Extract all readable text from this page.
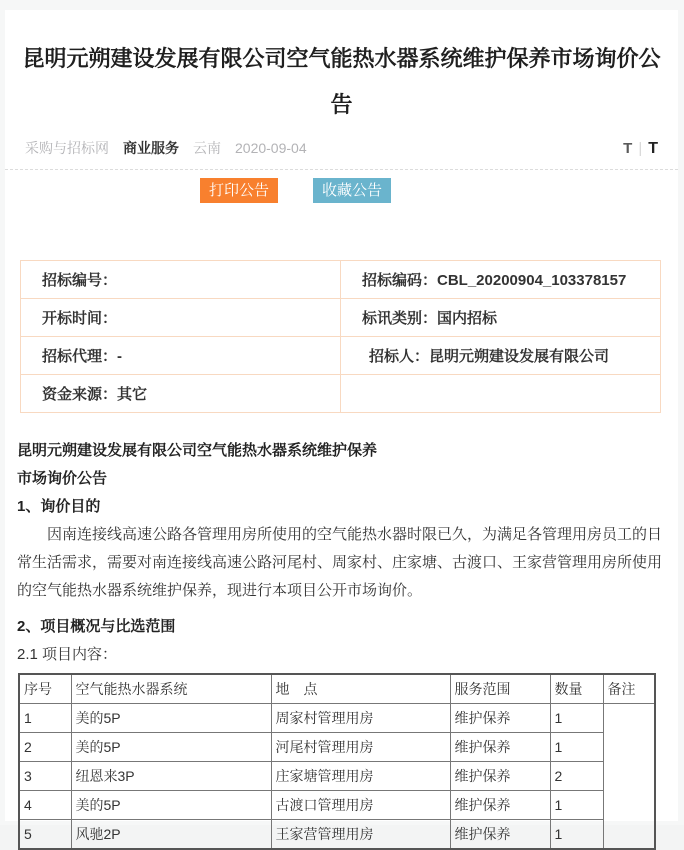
昆明元朔建设发展有限公司空气能热水器系统维护保养市场询价公告
采购与招标网 商业服务 云南 2020-09-04	T | T
打印公告	收藏公告
招标编号：	招标编码：CBL_20200904_103378157
开标时间：	标讯类别：国内招标
招标代理：-	招标人：昆明元朔建设发展有限公司
资金来源：其它	

昆明元朔建设发展有限公司空气能热水器系统维护保养

市场询价公告

1、询价目的

因南连接线高速公路各管理用房所使用的空气能热水器时限已久，为满足各管理用房员工的日常生活需求，需要对南连接线高速公路河尾村、周家村、庄家塘、古渡口、王家营管理用房所使用的空气能热水器系统维护保养，现进行本项目公开市场询价。

2、项目概况与比选范围

2.1 项目内容：

序号	空气能热水器系统	地　点	服务范围	数量	备注
1	美的5P	周家村管理用房	维护保养	1	
2	美的5P	河尾村管理用房	维护保养	1	
3	纽恩来3P	庄家塘管理用房	维护保养	2	
4	美的5P	古渡口管理用房	维护保养	1	
5	风驰2P	王家营管理用房	维护保养	1	
